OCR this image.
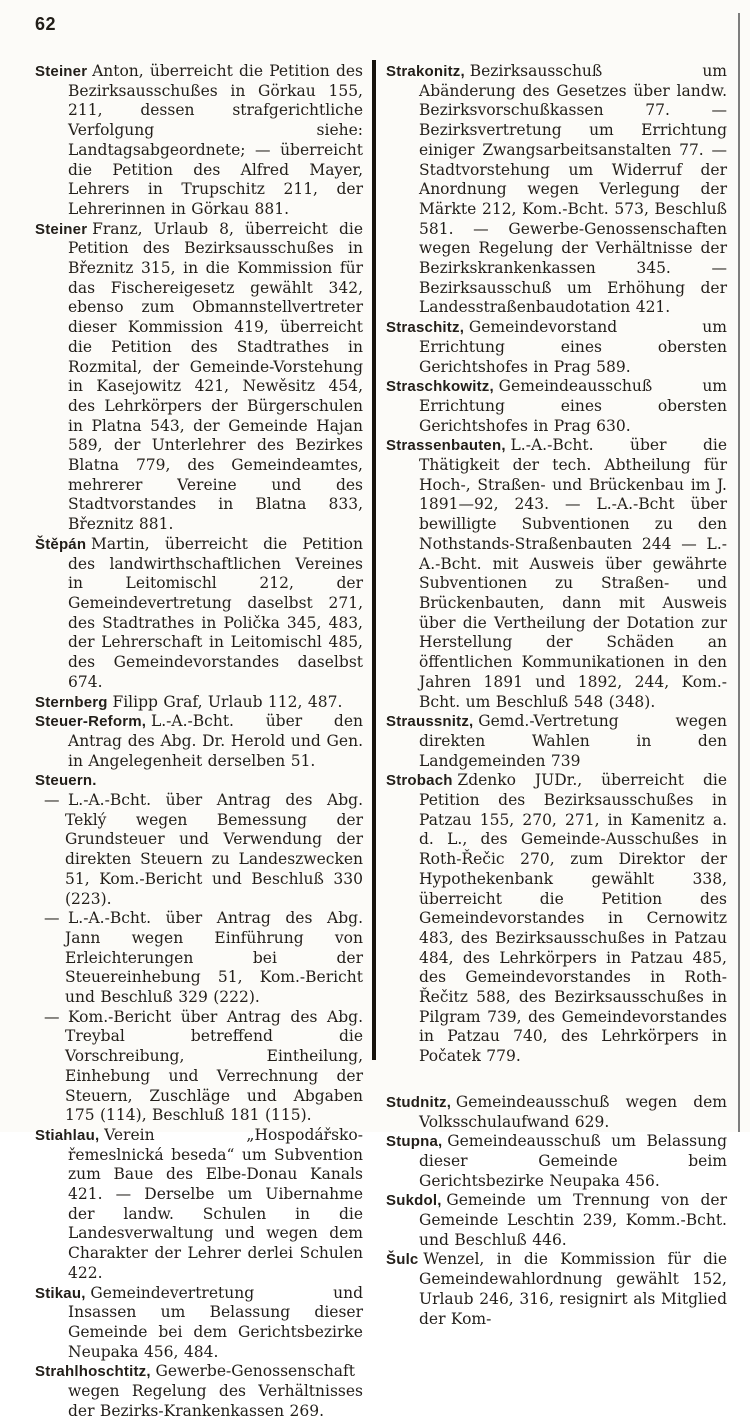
62

Steiner Anton, überreicht die Petition des Bezirksausschußes in Görkau 155, 211, dessen strafgerichtliche Verfolgung siehe: Landtagsabgeordnete; — überreicht die Petition des Alfred Mayer, Lehrers in Trupschitz 211, der Lehrerinnen in Görkau 881.

Steiner Franz, Urlaub 8, überreicht die Petition des Bezirksausschußes in Březnitz 315, in die Kommission für das Fischereigesetz gewählt 342, ebenso zum Obmannstellvertreter dieser Kommission 419, überreicht die Petition des Stadtrathes in Rozmital, der Gemeinde-Vorstehung in Kasejowitz 421, Newěsitz 454, des Lehrkörpers der Bürgerschulen in Platna 543, der Gemeinde Hajan 589, der Unterlehrer des Bezirkes Blatna 779, des Gemeindeamtes, mehrerer Vereine und des Stadtvorstandes in Blatna 833, Březnitz 881.

Štěpán Martin, überreicht die Petition des landwirthschaftlichen Vereines in Leitomischl 212, der Gemeindevertretung daselbst 271, des Stadtrathes in Polička 345, 483, der Lehrerschaft in Leitomischl 485, des Gemeindevorstandes daselbst 674.

Sternberg Filipp Graf, Urlaub 112, 487.

Steuer-Reform, L.-A.-Bcht. über den Antrag des Abg. Dr. Herold und Gen. in Angelegenheit derselben 51.

Steuern.

— L.-A.-Bcht. über Antrag des Abg. Teklý wegen Bemessung der Grundsteuer und Verwendung der direkten Steuern zu Landeszwecken 51, Kom.-Bericht und Beschluß 330 (223).

— L.-A.-Bcht. über Antrag des Abg. Jann wegen Einführung von Erleichterungen bei der Steuereinhebung 51, Kom.-Bericht und Beschluß 329 (222).

— Kom.-Bericht über Antrag des Abg. Treybal betreffend die Vorschreibung, Eintheilung, Einhebung und Verrechnung der Steuern, Zuschläge und Abgaben 175 (114), Beschluß 181 (115).

Stiahlau, Verein „Hospodářsko-řemeslnická beseda“ um Subvention zum Baue des Elbe-Donau Kanals 421. — Derselbe um Uibernahme der landw. Schulen in die Landesverwaltung und wegen dem Charakter der Lehrer derlei Schulen 422.

Stikau, Gemeindevertretung und Insassen um Belassung dieser Gemeinde bei dem Gerichtsbezirke Neupaka 456, 484.

Strahlhoschtitz, Gewerbe-Genossenschaft wegen Regelung des Verhältnisses der Bezirks-Krankenkassen 269.

Strakonitz, Bezirksausschuß um Abänderung des Gesetzes über landw. Bezirksvorschußkassen 77. — Bezirksvertretung um Errichtung einiger Zwangsarbeitsanstalten 77. — Stadtvorstehung um Widerruf der Anordnung wegen Verlegung der Märkte 212, Kom.-Bcht. 573, Beschluß 581. — Gewerbe-Genossenschaften wegen Regelung der Verhältnisse der Bezirkskrankenkassen 345. — Bezirksausschuß um Erhöhung der Landesstraßenbaudotation 421.

Straschitz, Gemeindevorstand um Errichtung eines obersten Gerichtshofes in Prag 589.

Straschkowitz, Gemeindeausschuß um Errichtung eines obersten Gerichtshofes in Prag 630.

Strassenbauten, L.-A.-Bcht. über die Thätigkeit der tech. Abtheilung für Hoch-, Straßen- und Brückenbau im J. 1891—92, 243. — L.-A.-Bcht über bewilligte Subventionen zu den Nothstands-Straßenbauten 244 — L.-A.-Bcht. mit Ausweis über gewährte Subventionen zu Straßen- und Brückenbauten, dann mit Ausweis über die Vertheilung der Dotation zur Herstellung der Schäden an öffentlichen Kommunikationen in den Jahren 1891 und 1892, 244, Kom.-Bcht. um Beschluß 548 (348).

Straussnitz, Gemd.-Vertretung wegen direkten Wahlen in den Landgemeinden 739

Strobach Zdenko JUDr., überreicht die Petition des Bezirksausschußes in Patzau 155, 270, 271, in Kamenitz a. d. L., des Gemeinde-Ausschußes in Roth-Řečic 270, zum Direktor der Hypothekenbank gewählt 338, überreicht die Petition des Gemeindevorstandes in Cernowitz 483, des Bezirksausschußes in Patzau 484, des Lehrkörpers in Patzau 485, des Gemeindevorstandes in Roth-Řečitz 588, des Bezirksausschußes in Pilgram 739, des Gemeindevorstandes in Patzau 740, des Lehrkörpers in Počatek 779.

Studnitz, Gemeindeausschuß wegen dem Volksschulaufwand 629.

Stupna, Gemeindeausschuß um Belassung dieser Gemeinde beim Gerichtsbezirke Neupaka 456.

Sukdol, Gemeinde um Trennung von der Gemeinde Leschtin 239, Komm.-Bcht. und Beschluß 446.

Šulc Wenzel, in die Kommission für die Gemeindewahlordnung gewählt 152, Urlaub 246, 316, resignirt als Mitglied der Kom-
